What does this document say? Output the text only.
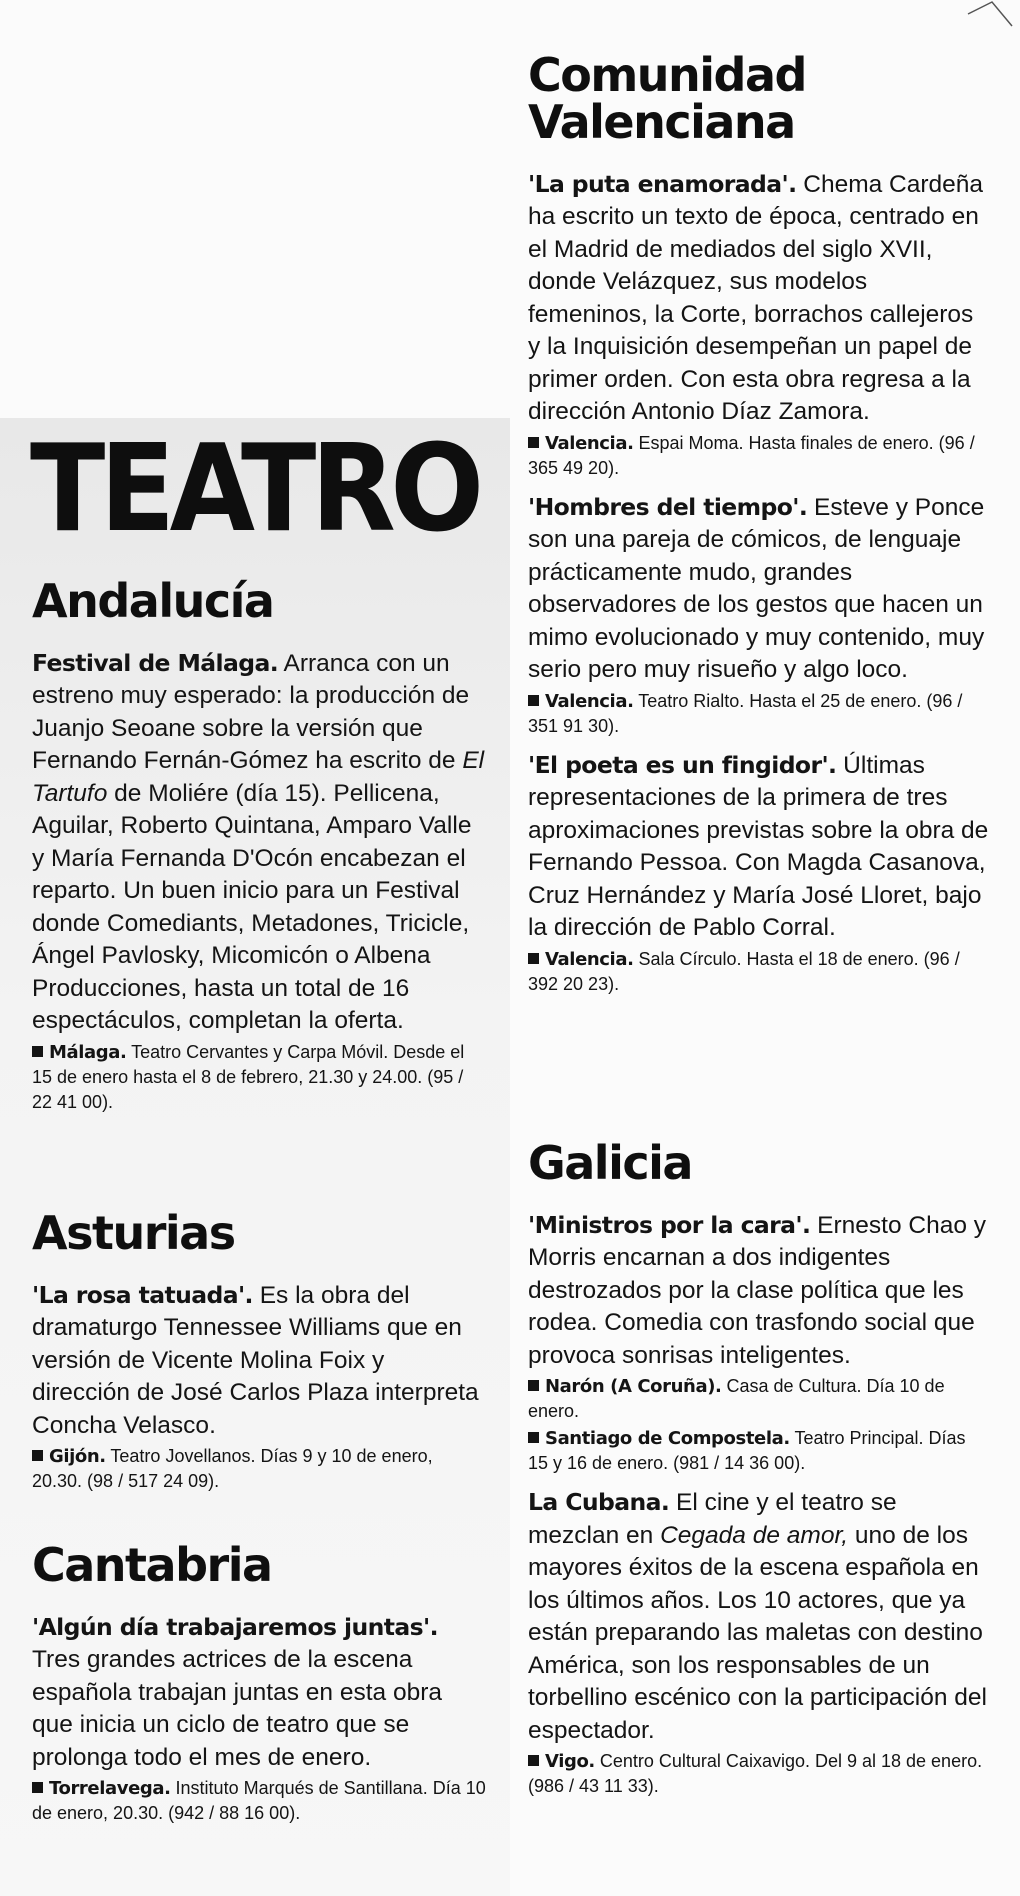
TEATRO
Andalucía

Festival de Málaga. Arranca con un estreno muy esperado: la producción de Juanjo Seoane sobre la versión que Fernando Fernán-Gómez ha escrito de El Tartufo de Moliére (día 15). Pellicena, Aguilar, Roberto Quintana, Amparo Valle y María Fernanda D'Ocón encabezan el reparto. Un buen inicio para un Festival donde Comediants, Metadones, Tricicle, Ángel Pavlosky, Micomicón o Albena Producciones, hasta un total de 16 espectáculos, completan la oferta.

Málaga. Teatro Cervantes y Carpa Móvil. Desde el 15 de enero hasta el 8 de febrero, 21.30 y 24.00. (95 / 22 41 00).

Asturias

'La rosa tatuada'. Es la obra del dramaturgo Tennessee Williams que en versión de Vicente Molina Foix y dirección de José Carlos Plaza interpreta Concha Velasco.

Gijón. Teatro Jovellanos. Días 9 y 10 de enero, 20.30. (98 / 517 24 09).

Cantabria

'Algún día trabajaremos juntas'. Tres grandes actrices de la escena española trabajan juntas en esta obra que inicia un ciclo de teatro que se prolonga todo el mes de enero.

Torrelavega. Instituto Marqués de Santillana. Día 10 de enero, 20.30. (942 / 88 16 00).

Comunidad Valenciana

'La puta enamorada'. Chema Cardeña ha escrito un texto de época, centrado en el Madrid de mediados del siglo XVII, donde Velázquez, sus modelos femeninos, la Corte, borrachos callejeros y la Inquisición desempeñan un papel de primer orden. Con esta obra regresa a la dirección Antonio Díaz Zamora.

Valencia. Espai Moma. Hasta finales de enero. (96 / 365 49 20).

'Hombres del tiempo'. Esteve y Ponce son una pareja de cómicos, de lenguaje prácticamente mudo, grandes observadores de los gestos que hacen un mimo evolucionado y muy contenido, muy serio pero muy risueño y algo loco.

Valencia. Teatro Rialto. Hasta el 25 de enero. (96 / 351 91 30).

'El poeta es un fingidor'. Últimas representaciones de la primera de tres aproximaciones previstas sobre la obra de Fernando Pessoa. Con Magda Casanova, Cruz Hernández y María José Lloret, bajo la dirección de Pablo Corral.

Valencia. Sala Círculo. Hasta el 18 de enero. (96 / 392 20 23).

Galicia

'Ministros por la cara'. Ernesto Chao y Morris encarnan a dos indigentes destrozados por la clase política que les rodea. Comedia con trasfondo social que provoca sonrisas inteligentes.

Narón (A Coruña). Casa de Cultura. Día 10 de enero.

Santiago de Compostela. Teatro Principal. Días 15 y 16 de enero. (981 / 14 36 00).

La Cubana. El cine y el teatro se mezclan en Cegada de amor, uno de los mayores éxitos de la escena española en los últimos años. Los 10 actores, que ya están preparando las maletas con destino América, son los responsables de un torbellino escénico con la participación del espectador.

Vigo. Centro Cultural Caixavigo. Del 9 al 18 de enero. (986 / 43 11 33).
